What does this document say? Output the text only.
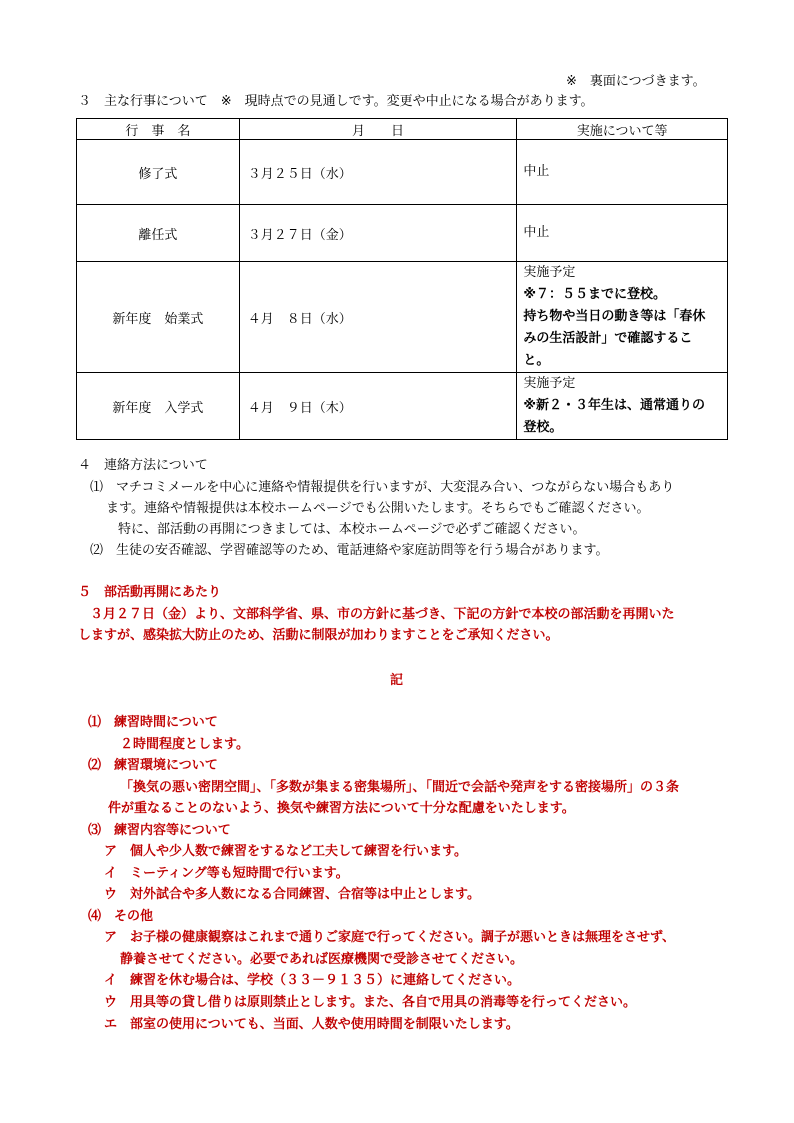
※　裏面につづきます。
３　主な行事について　※　現時点での見通しです。変更や中止になる場合があります。
行　事　名	月　　日	実施について等
修了式	３月２５日（水）	中止

離任式	３月２７日（金）	中止

新年度　始業式	４月　８日（水）	実施予定
※７：５５までに登校。
持ち物や当日の動き等は「春休
みの生活設計」で確認するこ
と。

新年度　入学式	４月　９日（木）	実施予定
※新２・３年生は、通常通りの
登校。
４　連絡方法について
⑴　マチコミメールを中心に連絡や情報提供を行いますが、大変混み合い、つながらない場合もあり
ます。連絡や情報提供は本校ホームページでも公開いたします。そちらでもご確認ください。
特に、部活動の再開につきましては、本校ホームページで必ずご確認ください。
⑵　生徒の安否確認、学習確認等のため、電話連絡や家庭訪問等を行う場合があります。
５　部活動再開にあたり
３月２７日（金）より、文部科学省、県、市の方針に基づき、下記の方針で本校の部活動を再開いた
しますが、感染拡大防止のため、活動に制限が加わりますことをご承知ください。
記
⑴　練習時間について
２時間程度とします。
⑵　練習環境について
「換気の悪い密閉空間」、「多数が集まる密集場所」、「間近で会話や発声をする密接場所」の３条
件が重なることのないよう、換気や練習方法について十分な配慮をいたします。
⑶　練習内容等について
ア　個人や少人数で練習をするなど工夫して練習を行います。
イ　ミーティング等も短時間で行います。
ウ　対外試合や多人数になる合同練習、合宿等は中止とします。
⑷　その他
ア　お子様の健康観察はこれまで通りご家庭で行ってください。調子が悪いときは無理をさせず、
静養させてください。必要であれば医療機関で受診させてください。
イ　練習を休む場合は、学校（３３－９１３５）に連絡してください。
ウ　用具等の貸し借りは原則禁止とします。また、各自で用具の消毒等を行ってください。
エ　部室の使用についても、当面、人数や使用時間を制限いたします。
